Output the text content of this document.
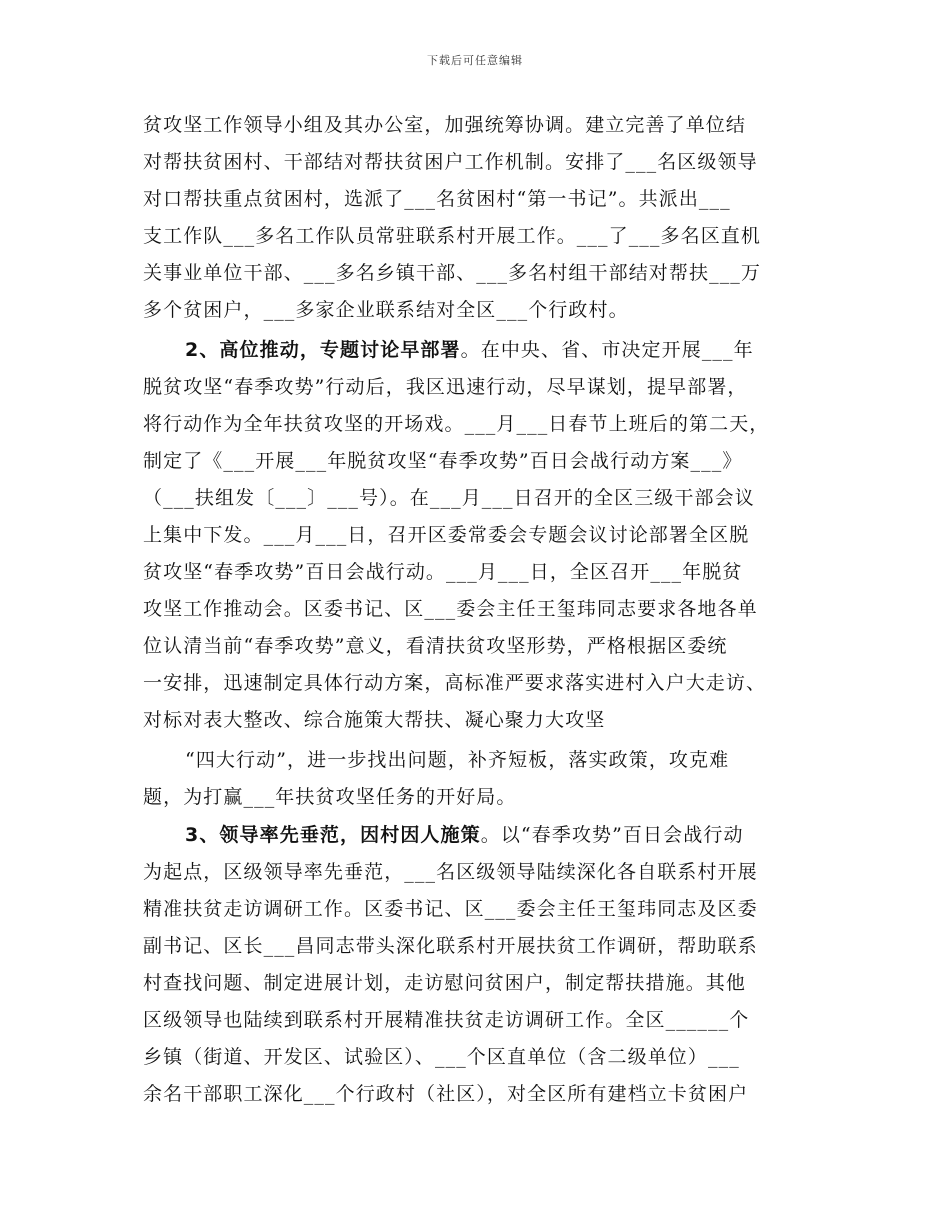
下载后可任意编辑
贫攻坚工作领导小组及其办公室，加强统筹协调。建立完善了单位结
对帮扶贫困村、干部结对帮扶贫困户工作机制。安排了___名区级领导
对口帮扶重点贫困村，选派了___名贫困村“第一书记”。共派出___
支工作队___多名工作队员常驻联系村开展工作。___了___多名区直机
关事业单位干部、___多名乡镇干部、___多名村组干部结对帮扶___万
多个贫困户，___多家企业联系结对全区___个行政村。
2、高位推动，专题讨论早部署。在中央、省、市决定开展___年
脱贫攻坚“春季攻势”行动后，我区迅速行动，尽早谋划，提早部署，
将行动作为全年扶贫攻坚的开场戏。___月___日春节上班后的第二天，
制定了《___开展___年脱贫攻坚“春季攻势”百日会战行动方案___》
（___扶组发〔___〕___号）。在___月___日召开的全区三级干部会议
上集中下发。___月___日，召开区委常委会专题会议讨论部署全区脱
贫攻坚“春季攻势”百日会战行动。___月___日，全区召开___年脱贫
攻坚工作推动会。区委书记、区___委会主任王玺玮同志要求各地各单
位认清当前“春季攻势”意义，看清扶贫攻坚形势，严格根据区委统
一安排，迅速制定具体行动方案，高标准严要求落实进村入户大走访、
对标对表大整改、综合施策大帮扶、凝心聚力大攻坚
“四大行动”，进一步找出问题，补齐短板，落实政策，攻克难
题，为打赢___年扶贫攻坚任务的开好局。
3、领导率先垂范，因村因人施策。以“春季攻势”百日会战行动
为起点，区级领导率先垂范，___名区级领导陆续深化各自联系村开展
精准扶贫走访调研工作。区委书记、区___委会主任王玺玮同志及区委
副书记、区长___昌同志带头深化联系村开展扶贫工作调研，帮助联系
村查找问题、制定进展计划，走访慰问贫困户，制定帮扶措施。其他
区级领导也陆续到联系村开展精准扶贫走访调研工作。全区______个
乡镇（街道、开发区、试验区）、___个区直单位（含二级单位）___
余名干部职工深化___个行政村（社区），对全区所有建档立卡贫困户
